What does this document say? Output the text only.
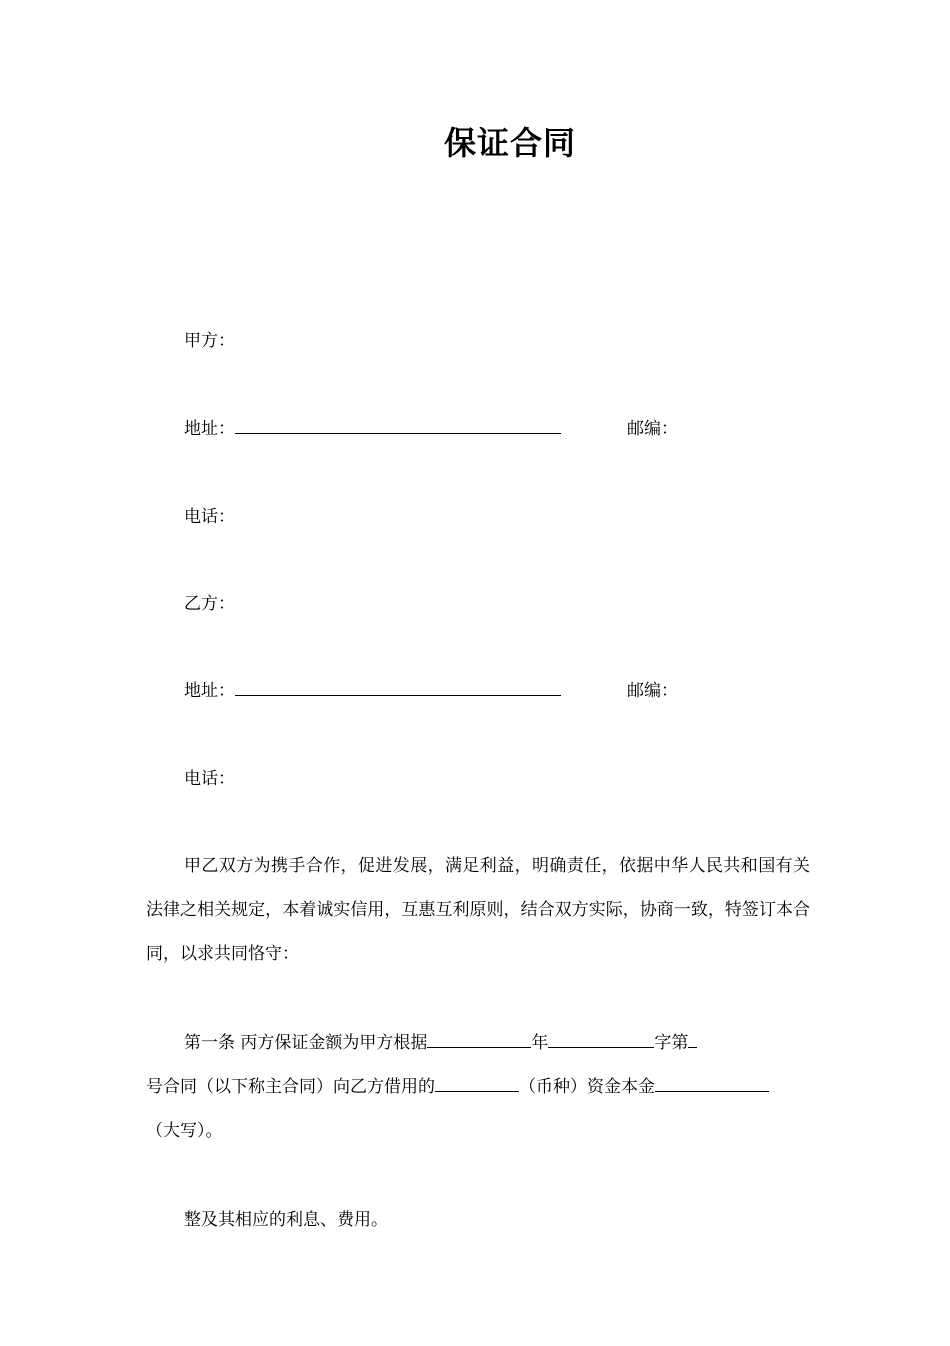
保证合同
甲方：
地址：	邮编：
电话：
乙方：
地址：	邮编：
电话：

甲乙双方为携手合作，促进发展，满足利益，明确责任，依据中华人民共和国有关法律之相关规定，本着诚实信用，互惠互利原则，结合双方实际，协商一致，特签订本合同，以求共同恪守：

第一条 丙方保证金额为甲方根据	年	字第
号合同（以下称主合同）向乙方借用的	（币种）资金本金
（大写）。
整及其相应的利息、费用。
